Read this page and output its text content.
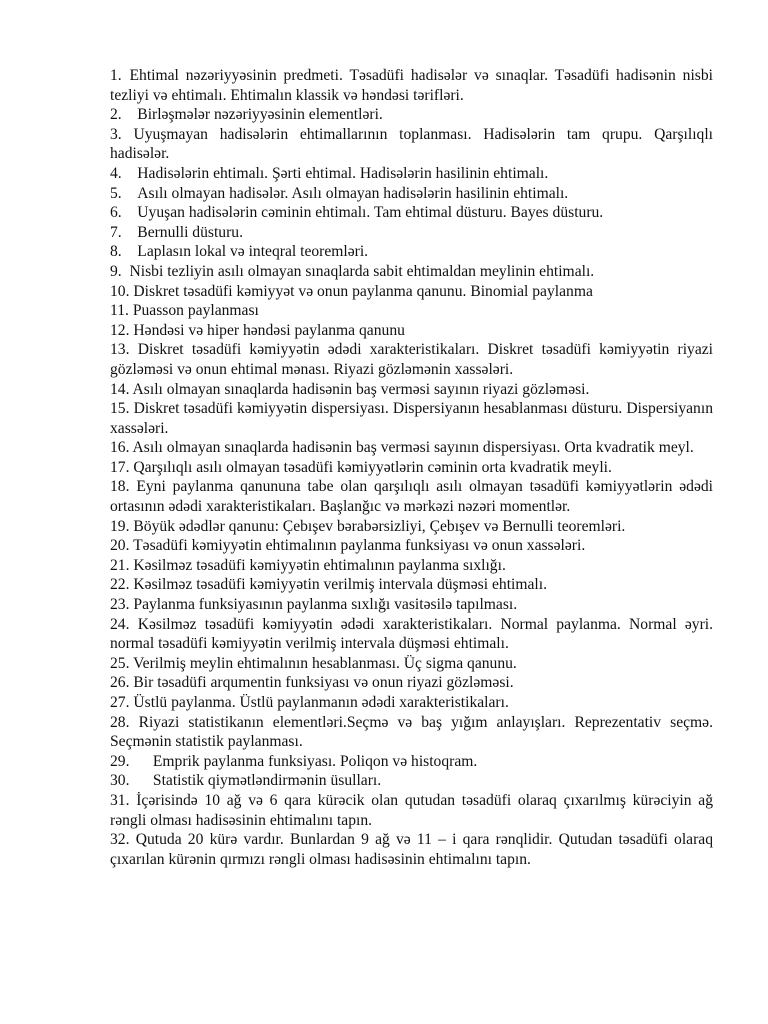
1.  Ehtimal nəzəriyyəsinin predmeti. Təsadüfi hadisələr və sınaqlar. Təsadüfi hadisənin nisbi tezliyi və ehtimalı. Ehtimalın klassik və həndəsi tərifləri.

2.   Birləşmələr nəzəriyyəsinin elementləri.

3. Uyuşmayan hadisələrin ehtimallarının toplanması. Hadisələrin tam qrupu. Qarşılıqlı hadisələr.

4.   Hadisələrin ehtimalı. Şərti ehtimal. Hadisələrin hasilinin ehtimalı.

5.   Asılı olmayan hadisələr. Asılı olmayan hadisələrin hasilinin ehtimalı.

6.   Uyuşan hadisələrin cəminin ehtimalı. Tam ehtimal düsturu. Bayes düsturu.

7.   Bernulli düsturu.

8.   Laplasın lokal və inteqral teoremləri.

9.  Nisbi tezliyin asılı olmayan sınaqlarda sabit ehtimaldan meylinin ehtimalı.

10. Diskret təsadüfi kəmiyyət və onun paylanma qanunu. Binomial paylanma

11. Puasson paylanması

12. Həndəsi və hiper həndəsi paylanma qanunu

13. Diskret təsadüfi kəmiyyətin ədədi xarakteristikaları. Diskret təsadüfi kəmiyyətin riyazi gözləməsi və onun ehtimal mənası. Riyazi gözləmənin xassələri.

14. Asılı olmayan sınaqlarda hadisənin baş verməsi sayının riyazi gözləməsi.

15. Diskret təsadüfi kəmiyyətin dispersiyası. Dispersiyanın hesablanması düsturu. Dispersiyanın xassələri.

16. Asılı olmayan sınaqlarda hadisənin baş verməsi sayının dispersiyası. Orta kvadratik meyl.

17. Qarşılıqlı asılı olmayan təsadüfi kəmiyyətlərin cəminin orta kvadratik meyli.

18. Eyni paylanma qanununa tabe olan qarşılıqlı asılı olmayan təsadüfi kəmiyyətlərin ədədi ortasının ədədi xarakteristikaları. Başlanğıc və mərkəzi nəzəri momentlər.

19. Böyük ədədlər qanunu: Çebışev bərabərsizliyi, Çebışev və Bernulli teoremləri.

20. Təsadüfi kəmiyyətin ehtimalının paylanma funksiyası və onun xassələri.

21. Kəsilməz təsadüfi kəmiyyətin ehtimalının paylanma sıxlığı.

22. Kəsilməz təsadüfi kəmiyyətin verilmiş intervala düşməsi ehtimalı.

23. Paylanma funksiyasının paylanma sıxlığı vasitəsilə tapılması.

24. Kəsilməz təsadüfi kəmiyyətin ədədi xarakteristikaları. Normal paylanma. Normal əyri. normal təsadüfi kəmiyyətin verilmiş intervala düşməsi ehtimalı.

25. Verilmiş meylin ehtimalının hesablanması. Üç sigma qanunu.

26. Bir təsadüfi arqumentin funksiyası və onun riyazi gözləməsi.

27. Üstlü paylanma. Üstlü paylanmanın ədədi xarakteristikaları.

28. Riyazi statistikanın elementləri.Seçmə və baş yığım anlayışları. Reprezentativ seçmə. Seçmənin statistik paylanması.

29.   Emprik paylanma funksiyası. Poliqon və histoqram.

30.   Statistik qiymətləndirmənin üsulları.

31. İçərisində 10 ağ və 6 qara kürəcik olan qutudan təsadüfi olaraq çıxarılmış kürəciyin ağ rəngli olması hadisəsinin ehtimalını tapın.

32. Qutuda 20 kürə vardır. Bunlardan 9 ağ və 11 – i qara rənqlidir. Qutudan təsadüfi olaraq çıxarılan kürənin qırmızı rəngli olması hadisəsinin ehtimalını tapın.
